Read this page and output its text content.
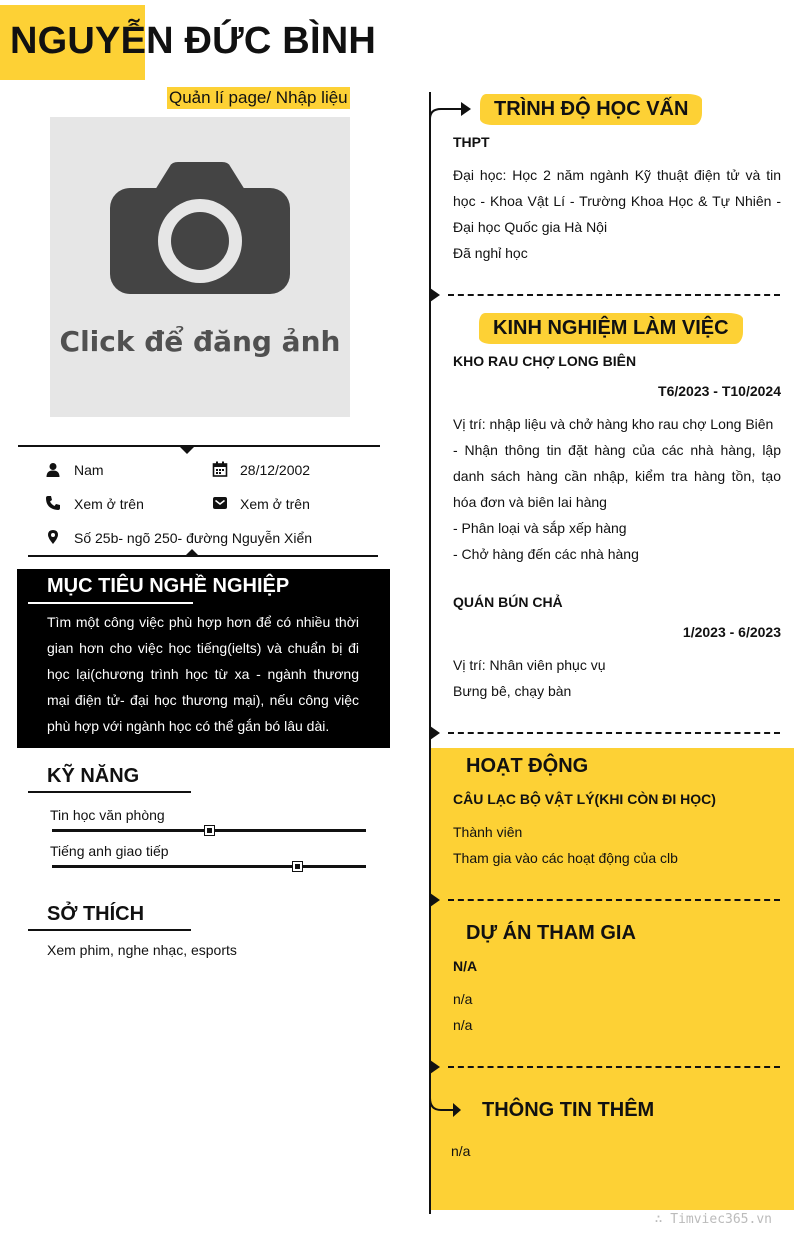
NGUYỄN ĐỨC BÌNH
Quản lí page/ Nhập liệu
Click để đăng ảnh
Nam	28/12/2002
Xem ở trên	Xem ở trên
Số 25b- ngõ 250- đường Nguyễn Xiển
MỤC TIÊU NGHỀ NGHIỆP
Tìm một công việc phù hợp hơn để có nhiều thời gian hơn cho việc học tiếng(ielts) và chuẩn bị đi học lại(chương trình học từ xa - ngành thương mại điện tử- đại học thương mại), nếu công việc phù hợp với ngành học có thể gắn bó lâu dài.
KỸ NĂNG
Tin học văn phòng
Tiếng anh giao tiếp
SỞ THÍCH
Xem phim, nghe nhạc, esports
TRÌNH ĐỘ HỌC VẤN
THPT
Đại học: Học 2 năm ngành Kỹ thuật điện tử và tin học - Khoa Vật Lí - Trường Khoa Học & Tự Nhiên - Đại học Quốc gia Hà Nội
Đã nghỉ học
KINH NGHIỆM LÀM VIỆC
KHO RAU CHỢ LONG BIÊN
T6/2023 - T10/2024
Vị trí: nhập liệu và chở hàng kho rau chợ Long Biên
- Nhận thông tin đặt hàng của các nhà hàng, lập danh sách hàng cần nhập, kiểm tra hàng tồn, tạo hóa đơn và biên lai hàng
- Phân loại và sắp xếp hàng
- Chở hàng đến các nhà hàng
QUÁN BÚN CHẢ
1/2023 - 6/2023
Vị trí: Nhân viên phục vụ
Bưng bê, chạy bàn
HOẠT ĐỘNG
CÂU LẠC BỘ VẬT LÝ(KHI CÒN ĐI HỌC)
Thành viên
Tham gia vào các hoạt động của clb
DỰ ÁN THAM GIA
N/A
n/a
n/a
THÔNG TIN THÊM
n/a
∴ Timviec365.vn
